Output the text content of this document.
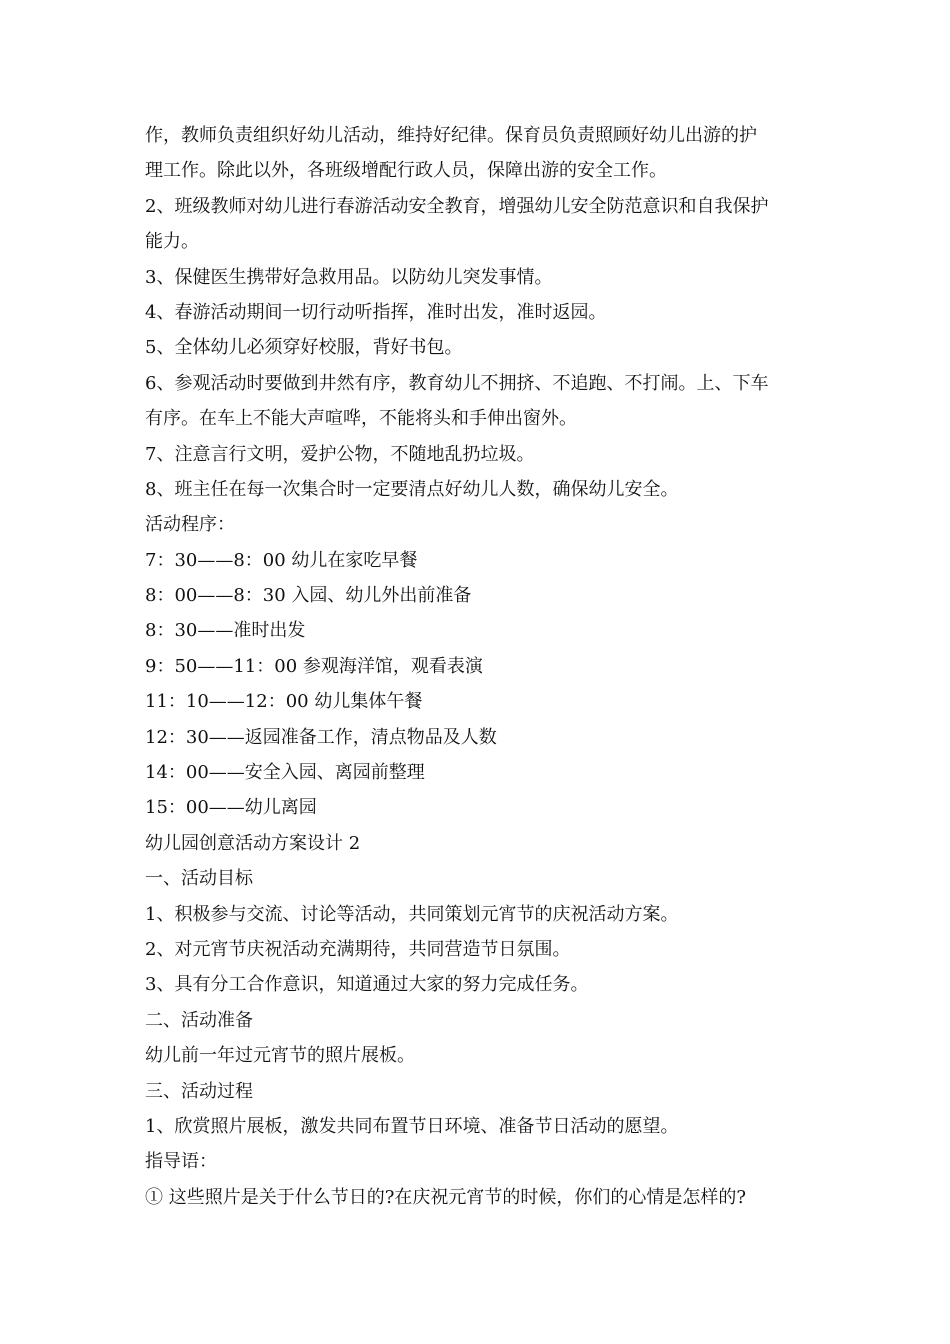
作，教师负责组织好幼儿活动，维持好纪律。保育员负责照顾好幼儿出游的护
理工作。除此以外，各班级增配行政人员，保障出游的安全工作。
2、班级教师对幼儿进行春游活动安全教育，增强幼儿安全防范意识和自我保护
能力。
3、保健医生携带好急救用品。以防幼儿突发事情。
4、春游活动期间一切行动听指挥，准时出发，准时返园。
5、全体幼儿必须穿好校服，背好书包。
6、参观活动时要做到井然有序，教育幼儿不拥挤、不追跑、不打闹。上、下车
有序。在车上不能大声喧哗，不能将头和手伸出窗外。
7、注意言行文明，爱护公物，不随地乱扔垃圾。
8、班主任在每一次集合时一定要清点好幼儿人数，确保幼儿安全。
活动程序：
7：30——8：00 幼儿在家吃早餐
8：00——8：30 入园、幼儿外出前准备
8：30——准时出发
9：50——11：00 参观海洋馆，观看表演
11：10——12：00 幼儿集体午餐
12：30——返园准备工作，清点物品及人数
14：00——安全入园、离园前整理
15：00——幼儿离园
幼儿园创意活动方案设计 2
一、活动目标
1、积极参与交流、讨论等活动，共同策划元宵节的庆祝活动方案。
2、对元宵节庆祝活动充满期待，共同营造节日氛围。
3、具有分工合作意识，知道通过大家的努力完成任务。
二、活动准备
幼儿前一年过元宵节的照片展板。
三、活动过程
1、欣赏照片展板，激发共同布置节日环境、准备节日活动的愿望。
指导语：
① 这些照片是关于什么节日的?在庆祝元宵节的时候，你们的心情是怎样的?
